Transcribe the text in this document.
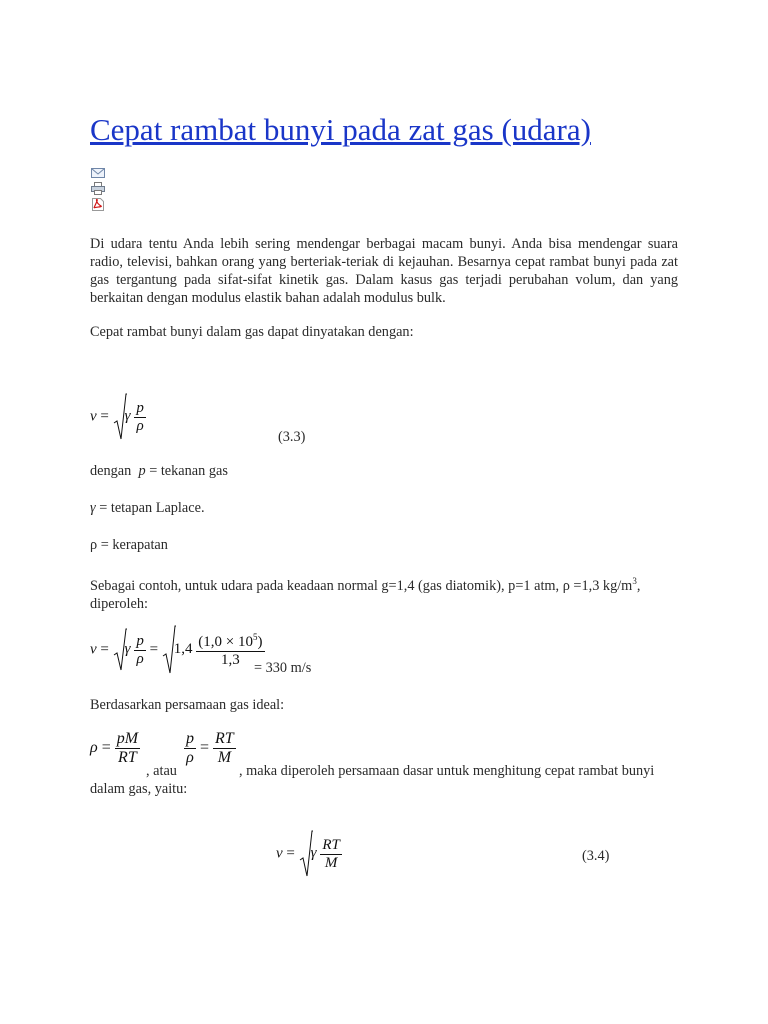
Cepat rambat bunyi pada zat gas (udara)

Di udara tentu Anda lebih sering mendengar berbagai macam bunyi. Anda bisa mendengar suara radio, televisi, bahkan orang yang berteriak-teriak di kejauhan. Besarnya cepat rambat bunyi pada zat gas tergantung pada sifat-sifat kinetik gas. Dalam kasus gas terjadi perubahan volum, dan yang berkaitan dengan modulus elastik bahan adalah modulus bulk.

Cepat rambat bunyi dalam gas dapat dinyatakan dengan:

v = γ $\frac{p}{\rho}$
(3.3)
dengan  p = tekanan gas
γ = tetapan Laplace.
ρ = kerapatan
Sebagai contoh, untuk udara pada keadaan normal g=1,4 (gas diatomik), p=1 atm, ρ =1,3 $kg/m^3$,
diperoleh:
v = γ $\frac{p}{\rho} = 1,4 \frac{(1,0 \times 10^5)}{1,3}$
= 330 m/s
Berdasarkan persamaan gas ideal:
$\rho = \frac{pM}{RT}$
, atau
$\frac{p}{\rho} = \frac{RT}{M}$
, maka diperoleh persamaan dasar untuk menghitung cepat rambat bunyi
dalam gas, yaitu:
v = γ $\frac{RT}{M}$	(3.4)
